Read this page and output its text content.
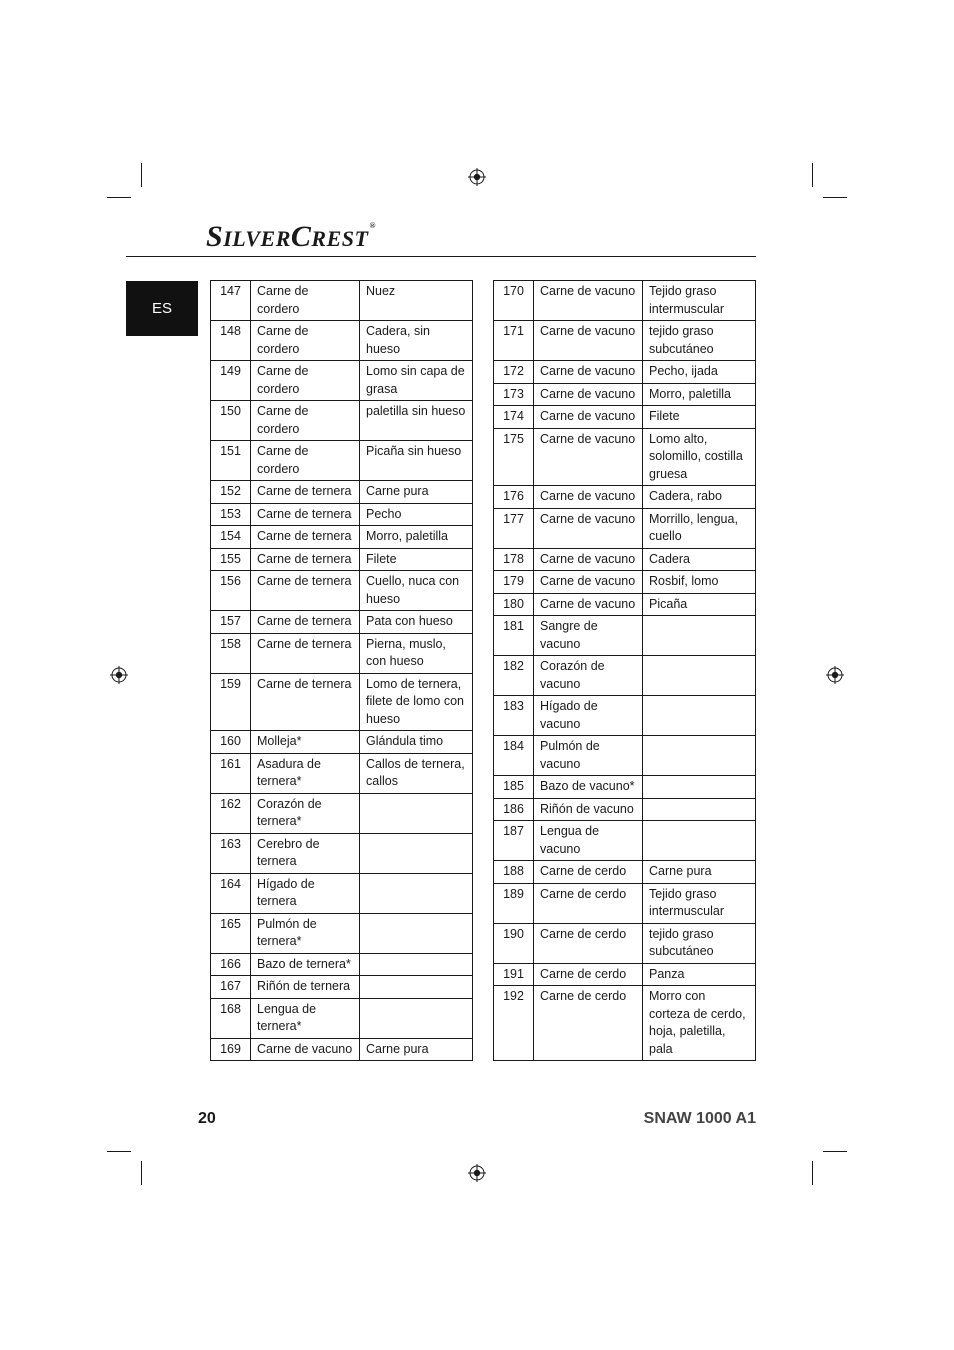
SILVERCREST®
ES
147	Carne de cordero	Nuez
148	Carne de cordero	Cadera, sin hueso
149	Carne de cordero	Lomo sin capa de grasa
150	Carne de cordero	paletilla sin hueso
151	Carne de cordero	Picaña sin hueso
152	Carne de ternera	Carne pura
153	Carne de ternera	Pecho
154	Carne de ternera	Morro, paletilla
155	Carne de ternera	Filete
156	Carne de ternera	Cuello, nuca con hueso
157	Carne de ternera	Pata con hueso
158	Carne de ternera	Pierna, muslo, con hueso
159	Carne de ternera	Lomo de ternera, filete de lomo con hueso
160	Molleja*	Glándula timo
161	Asadura de ternera*	Callos de ternera, callos
162	Corazón de ternera*	
163	Cerebro de ternera	
164	Hígado de ternera	
165	Pulmón de ternera*	
166	Bazo de ternera*	
167	Riñón de ternera	
168	Lengua de ternera*	
169	Carne de vacuno	Carne pura
170	Carne de vacuno	Tejido graso intermuscular
171	Carne de vacuno	tejido graso subcutáneo
172	Carne de vacuno	Pecho, ijada
173	Carne de vacuno	Morro, paletilla
174	Carne de vacuno	Filete
175	Carne de vacuno	Lomo alto, solomillo, costilla gruesa
176	Carne de vacuno	Cadera, rabo
177	Carne de vacuno	Morrillo, lengua, cuello
178	Carne de vacuno	Cadera
179	Carne de vacuno	Rosbif, lomo
180	Carne de vacuno	Picaña
181	Sangre de vacuno	
182	Corazón de vacuno	
183	Hígado de vacuno	
184	Pulmón de vacuno	
185	Bazo de vacuno*	
186	Riñón de vacuno	
187	Lengua de vacuno	
188	Carne de cerdo	Carne pura
189	Carne de cerdo	Tejido graso intermuscular
190	Carne de cerdo	tejido graso subcutáneo
191	Carne de cerdo	Panza
192	Carne de cerdo	Morro con corteza de cerdo, hoja, paletilla, pala
20	SNAW 1000 A1
